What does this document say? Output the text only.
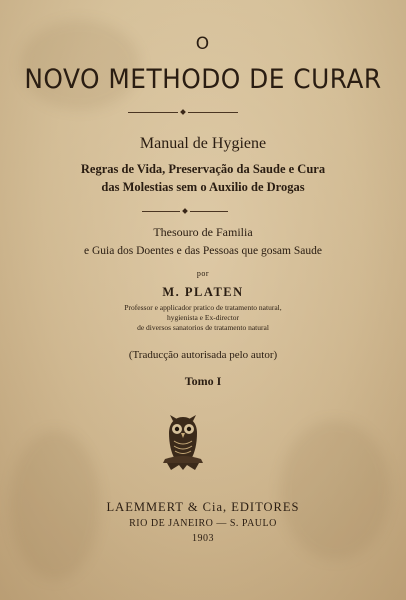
O

NOVO METHODO DE CURAR

Manual de Hygiene

Regras de Vida, Preservação da Saude e Cura

das Molestias sem o Auxilio de Drogas

Thesouro de Familia

e Guia dos Doentes e das Pessoas que gosam Saude

por

M. PLATEN

Professor e applicador pratico de tratamento natural,

hygienista e Ex-director

de diversos sanatorios de tratamento natural

(Traducção autorisada pelo autor)

Tomo I

LAEMMERT & Cia, EDITORES

RIO DE JANEIRO — S. PAULO

1903
